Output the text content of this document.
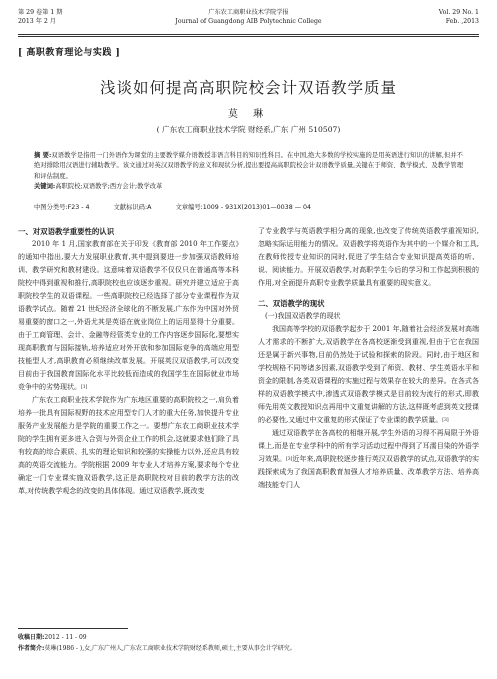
第 29 卷第 1 期
2013 年 2 月
广东农工商职业技术学院学报
Journal of Guangdong AIB Polytechnic College
Vol. 29 No. 1
Feb. ,2013
[ 高职教育理论与实践 ]
浅谈如何提高高职院校会计双语教学质量
莫 琳
( 广东农工商职业技术学院 财经系,广东 广州 510507)
摘 要:双语教学是指用一门外语作为课堂的主要教学媒介语教授非语言科目的知识性科目。在中国,绝大多数的学校实施的是用英语进行知识的讲解,但并不绝对排除用汉语进行辅助教学。该文通过对英汉双语教学的意义和现状分析,提出要提高高职院校会计双语教学质量,关键在于师资、教学模式、及教学管理和评估制度。
关键词:高职院校;双语教学;西方会计;教学改革
中图分类号:F23 - 4	文献标识码:A	文章编号:1009 - 931X(2013)01—0038 — 04
一、对双语教学重要性的认识

2010 年 1 月,国家教育部在关于印发《教育部 2010 年工作要点》的通知中指出,要大力发展职业教育,其中提到要进一步加强双语教师培训、教学研究和教材建设。这意味着双语教学不仅仅只在普通高等本科院校中得到重视和推行,高职院校也应该逐步重视。研究并建立适应于高职院校学生的双语课程。一些高职院校已经选择了部分专业课程作为双语教学试点。随着 21 世纪经济全球化的不断发展,广东作为中国对外贸易重要的窗口之一,外语尤其是英语在就业岗位上的运用显得十分重要。由于工商管理、会计、金融等经管类专业的工作内容逐步国际化,要想实现高职教育与国际接轨,培养适应对外开放和参加国际竞争的高端应用型技能型人才,高职教育必须继续改革发展。开展英汉双语教学,可以改变目前由于我国教育国际化水平比较低而造成的我国学生在国际就业市场竞争中的劣势现状。[1]

广东农工商职业技术学院作为广东地区重要的高职院校之一,肩负着培养一批具有国际视野的技术应用型专门人才的重大任务,加快提升专业服务产业发展能力是学院的重要工作之一。要想广东农工商职业技术学院的学生拥有更多进入合资与外资企业工作的机会,这就要求他们除了具有较高的综合素质、扎实的理论知识和较强的实操能力以外,还应具有较高的英语交流能力。学院根据 2009 年专业人才培养方案,要求每个专业确定一门专业课实施双语教学,这正是高职院校对目前的教学方法的改革,对传统教学观念的改变的具体体现。通过双语教学,既改变

了专业教学与英语教学相分离的现象,也改变了传统英语教学重视知识,忽略实际运用能力的情况。双语教学将英语作为其中的一个媒介和工具,在教师传授专业知识的同时,促进了学生结合专业知识提高英语的听、说、阅读能力。开展双语教学,对高职学生今后的学习和工作起到积极的作用,对全面提升高职专业教学质量具有重要的现实意义。

二、双语教学的现状
(一)我国双语教学的现状

我国高等学校的双语教学起步于 2001 年,随着社会经济发展对高端人才需求的不断扩大,双语教学在各高校逐渐受到重视,但由于它在我国还是属于新兴事物,目前仍然处于试验和探索的阶段。同时,由于地区和学校规格不同等诸多因素,双语教学受到了师资、教材、学生英语水平和资金的限制,各类双语课程的实施过程与效果存在较大的差异。在各式各样的双语教学模式中,渗透式双语教学模式是目前较为流行的形式,即教师先用英文教授知识点再用中文重复讲解的方法,这样既考虑到英文授课的必要性,又通过中文重复的形式保证了专业课的教学质量。[3]

通过双语教学在各高校的相继开展,学生外语的习得不再局限于外语课上,而是在专业学科中的所有学习活动过程中得到了耳濡目染的外语学习效果。[3]近年来,高职院校逐步推行英汉双语教学的试点,双语教学的实践探索成为了我国高职教育加强人才培养质量、改革教学方法、培养高端技能专门人

收稿日期:2012 - 11 - 09
作者简介:莫琳(1986 - ),女,广东广州人,广东农工商职业技术学院财经系教师,硕士,主要从事会计学研究。
